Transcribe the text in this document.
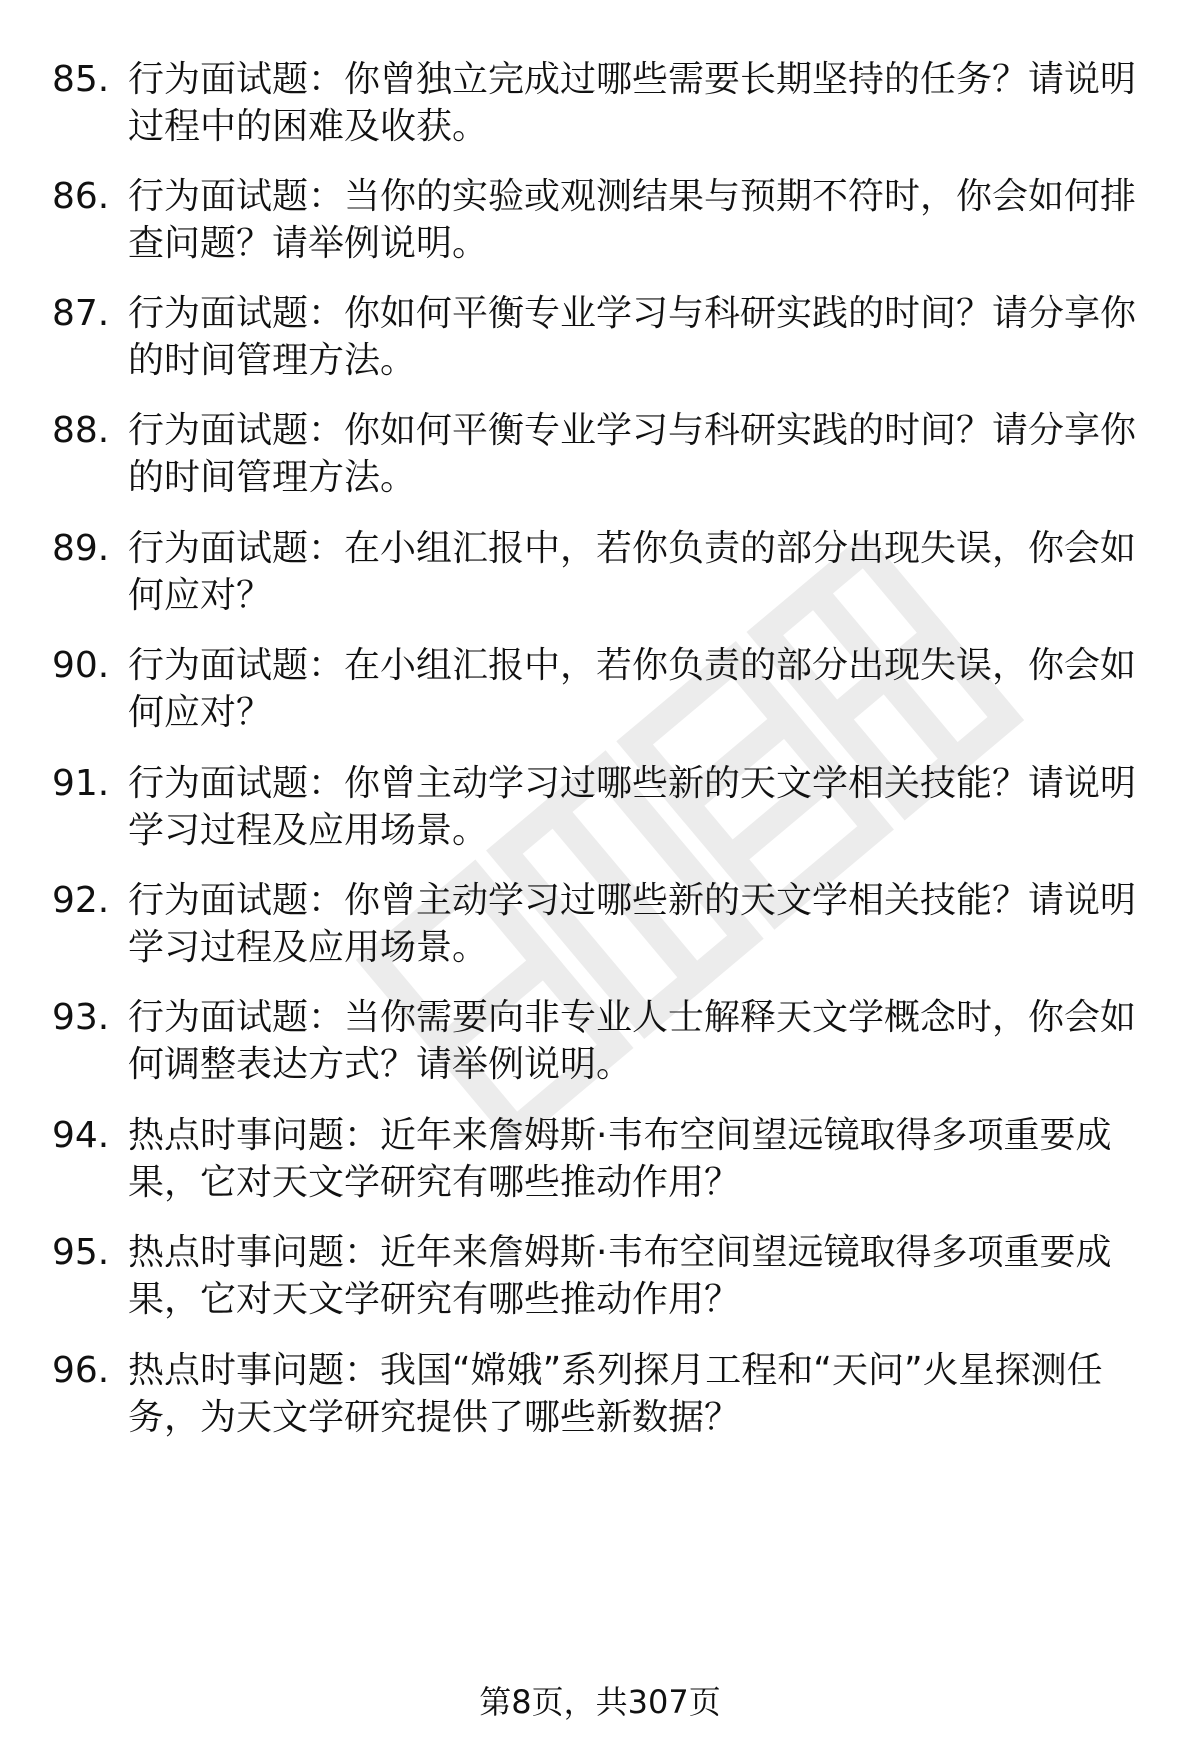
85. 行为面试题：你曾独立完成过哪些需要长期坚持的任务？请说明过程中的困难及收获。
86. 行为面试题：当你的实验或观测结果与预期不符时，你会如何排查问题？请举例说明。
87. 行为面试题：你如何平衡专业学习与科研实践的时间？请分享你的时间管理方法。
88. 行为面试题：你如何平衡专业学习与科研实践的时间？请分享你的时间管理方法。
89. 行为面试题：在小组汇报中，若你负责的部分出现失误，你会如何应对？
90. 行为面试题：在小组汇报中，若你负责的部分出现失误，你会如何应对？
91. 行为面试题：你曾主动学习过哪些新的天文学相关技能？请说明学习过程及应用场景。
92. 行为面试题：你曾主动学习过哪些新的天文学相关技能？请说明学习过程及应用场景。
93. 行为面试题：当你需要向非专业人士解释天文学概念时，你会如何调整表达方式？请举例说明。
94. 热点时事问题：近年来詹姆斯·韦布空间望远镜取得多项重要成果，它对天文学研究有哪些推动作用？
95. 热点时事问题：近年来詹姆斯·韦布空间望远镜取得多项重要成果，它对天文学研究有哪些推动作用？
96. 热点时事问题：我国“嫦娥”系列探月工程和“天问”火星探测任务，为天文学研究提供了哪些新数据？
第8页，共307页
